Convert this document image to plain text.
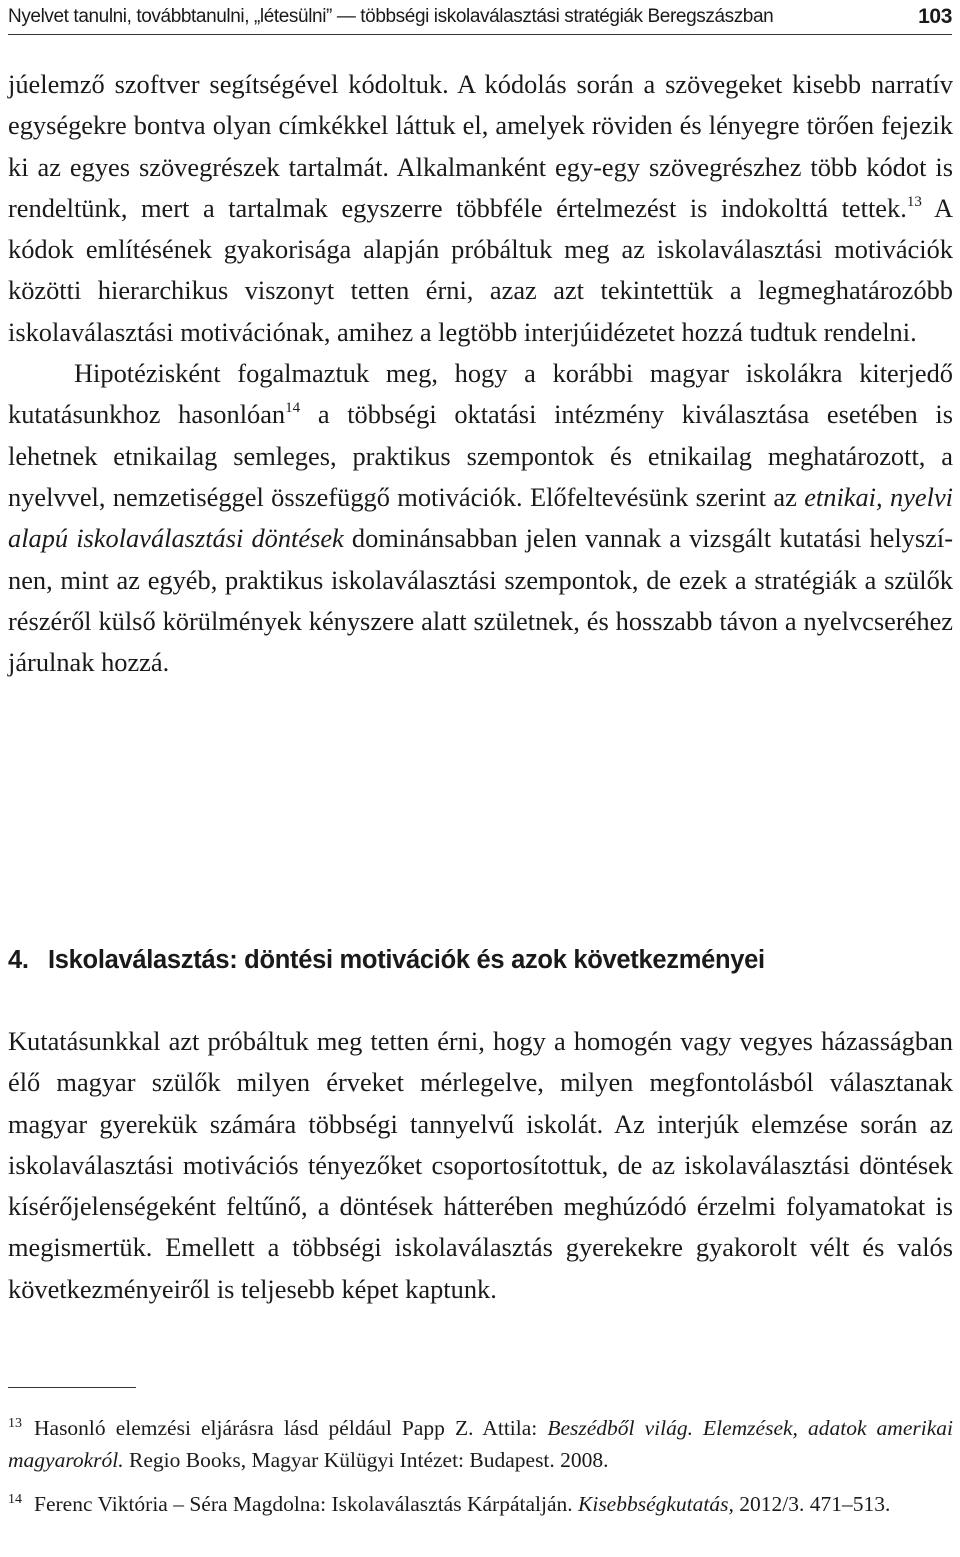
Nyelvet tanulni, továbbtanulni, „létesülni” — többségi iskolaválasztási stratégiák Beregszászban	103

júelemző szoftver segítségével kódoltuk. A kódolás során a szövegeket kisebb narratív egységekre bontva olyan címkékkel láttuk el, amelyek röviden és lényegre törően fejezik ki az egyes szövegrészek tartalmát. Alkalmanként egy-egy szövegrészhez több kódot is rendeltünk, mert a tartalmak egyszerre többféle értelmezést is indokolttá tettek.$^{13}$ A kódok említésének gyakorisága alapján próbáltuk meg az iskolaválasztási motivációk közötti hierarchikus viszonyt tetten érni, azaz azt tekintettük a legmeghatározóbb iskolaválasztási motivációnak, amihez a legtöbb interjúidézetet hozzá tudtuk rendelni.

Hipotézisként fogalmaztuk meg, hogy a korábbi magyar iskolákra kiterjedő kutatásunkhoz hasonlóan$^{14}$ a többségi oktatási intézmény kiválasztása esetében is lehetnek etnikailag semleges, praktikus szempontok és etnikailag meghatározott, a nyelvvel, nemzetiséggel összefüggő motivációk. Előfeltevésünk szerint az etnikai, nyelvi alapú iskolaválasztási döntések dominánsabban jelen vannak a vizsgált kutatási helyszínen, mint az egyéb, praktikus iskolaválasztási szempontok, de ezek a stratégiák a szülők részéről külső körülmények kényszere alatt születnek, és hosszabb távon a nyelvcseréhez járulnak hozzá.

4. Iskolaválasztás: döntési motivációk és azok következményei

Kutatásunkkal azt próbáltuk meg tetten érni, hogy a homogén vagy vegyes házasságban élő magyar szülők milyen érveket mérlegelve, milyen megfontolásból választanak magyar gyerekük számára többségi tannyelvű iskolát. Az interjúk elemzése során az iskolaválasztási motivációs tényezőket csoportosítottuk, de az iskolaválasztási döntések kísérőjelenségeként feltűnő, a döntések hátterében meghúzódó érzelmi folyamatokat is megismertük. Emellett a többségi iskolaválasztás gyerekekre gyakorolt vélt és valós következményeiről is teljesebb képet kaptunk.

$^{13}$ Hasonló elemzési eljárásra lásd például Papp Z. Attila: Beszédből világ. Elemzések, adatok amerikai magyarokról. Regio Books, Magyar Külügyi Intézet: Budapest. 2008.

$^{14}$ Ferenc Viktória – Séra Magdolna: Iskolaválasztás Kárpátalján. Kisebbségkutatás, 2012/3. 471–513.
